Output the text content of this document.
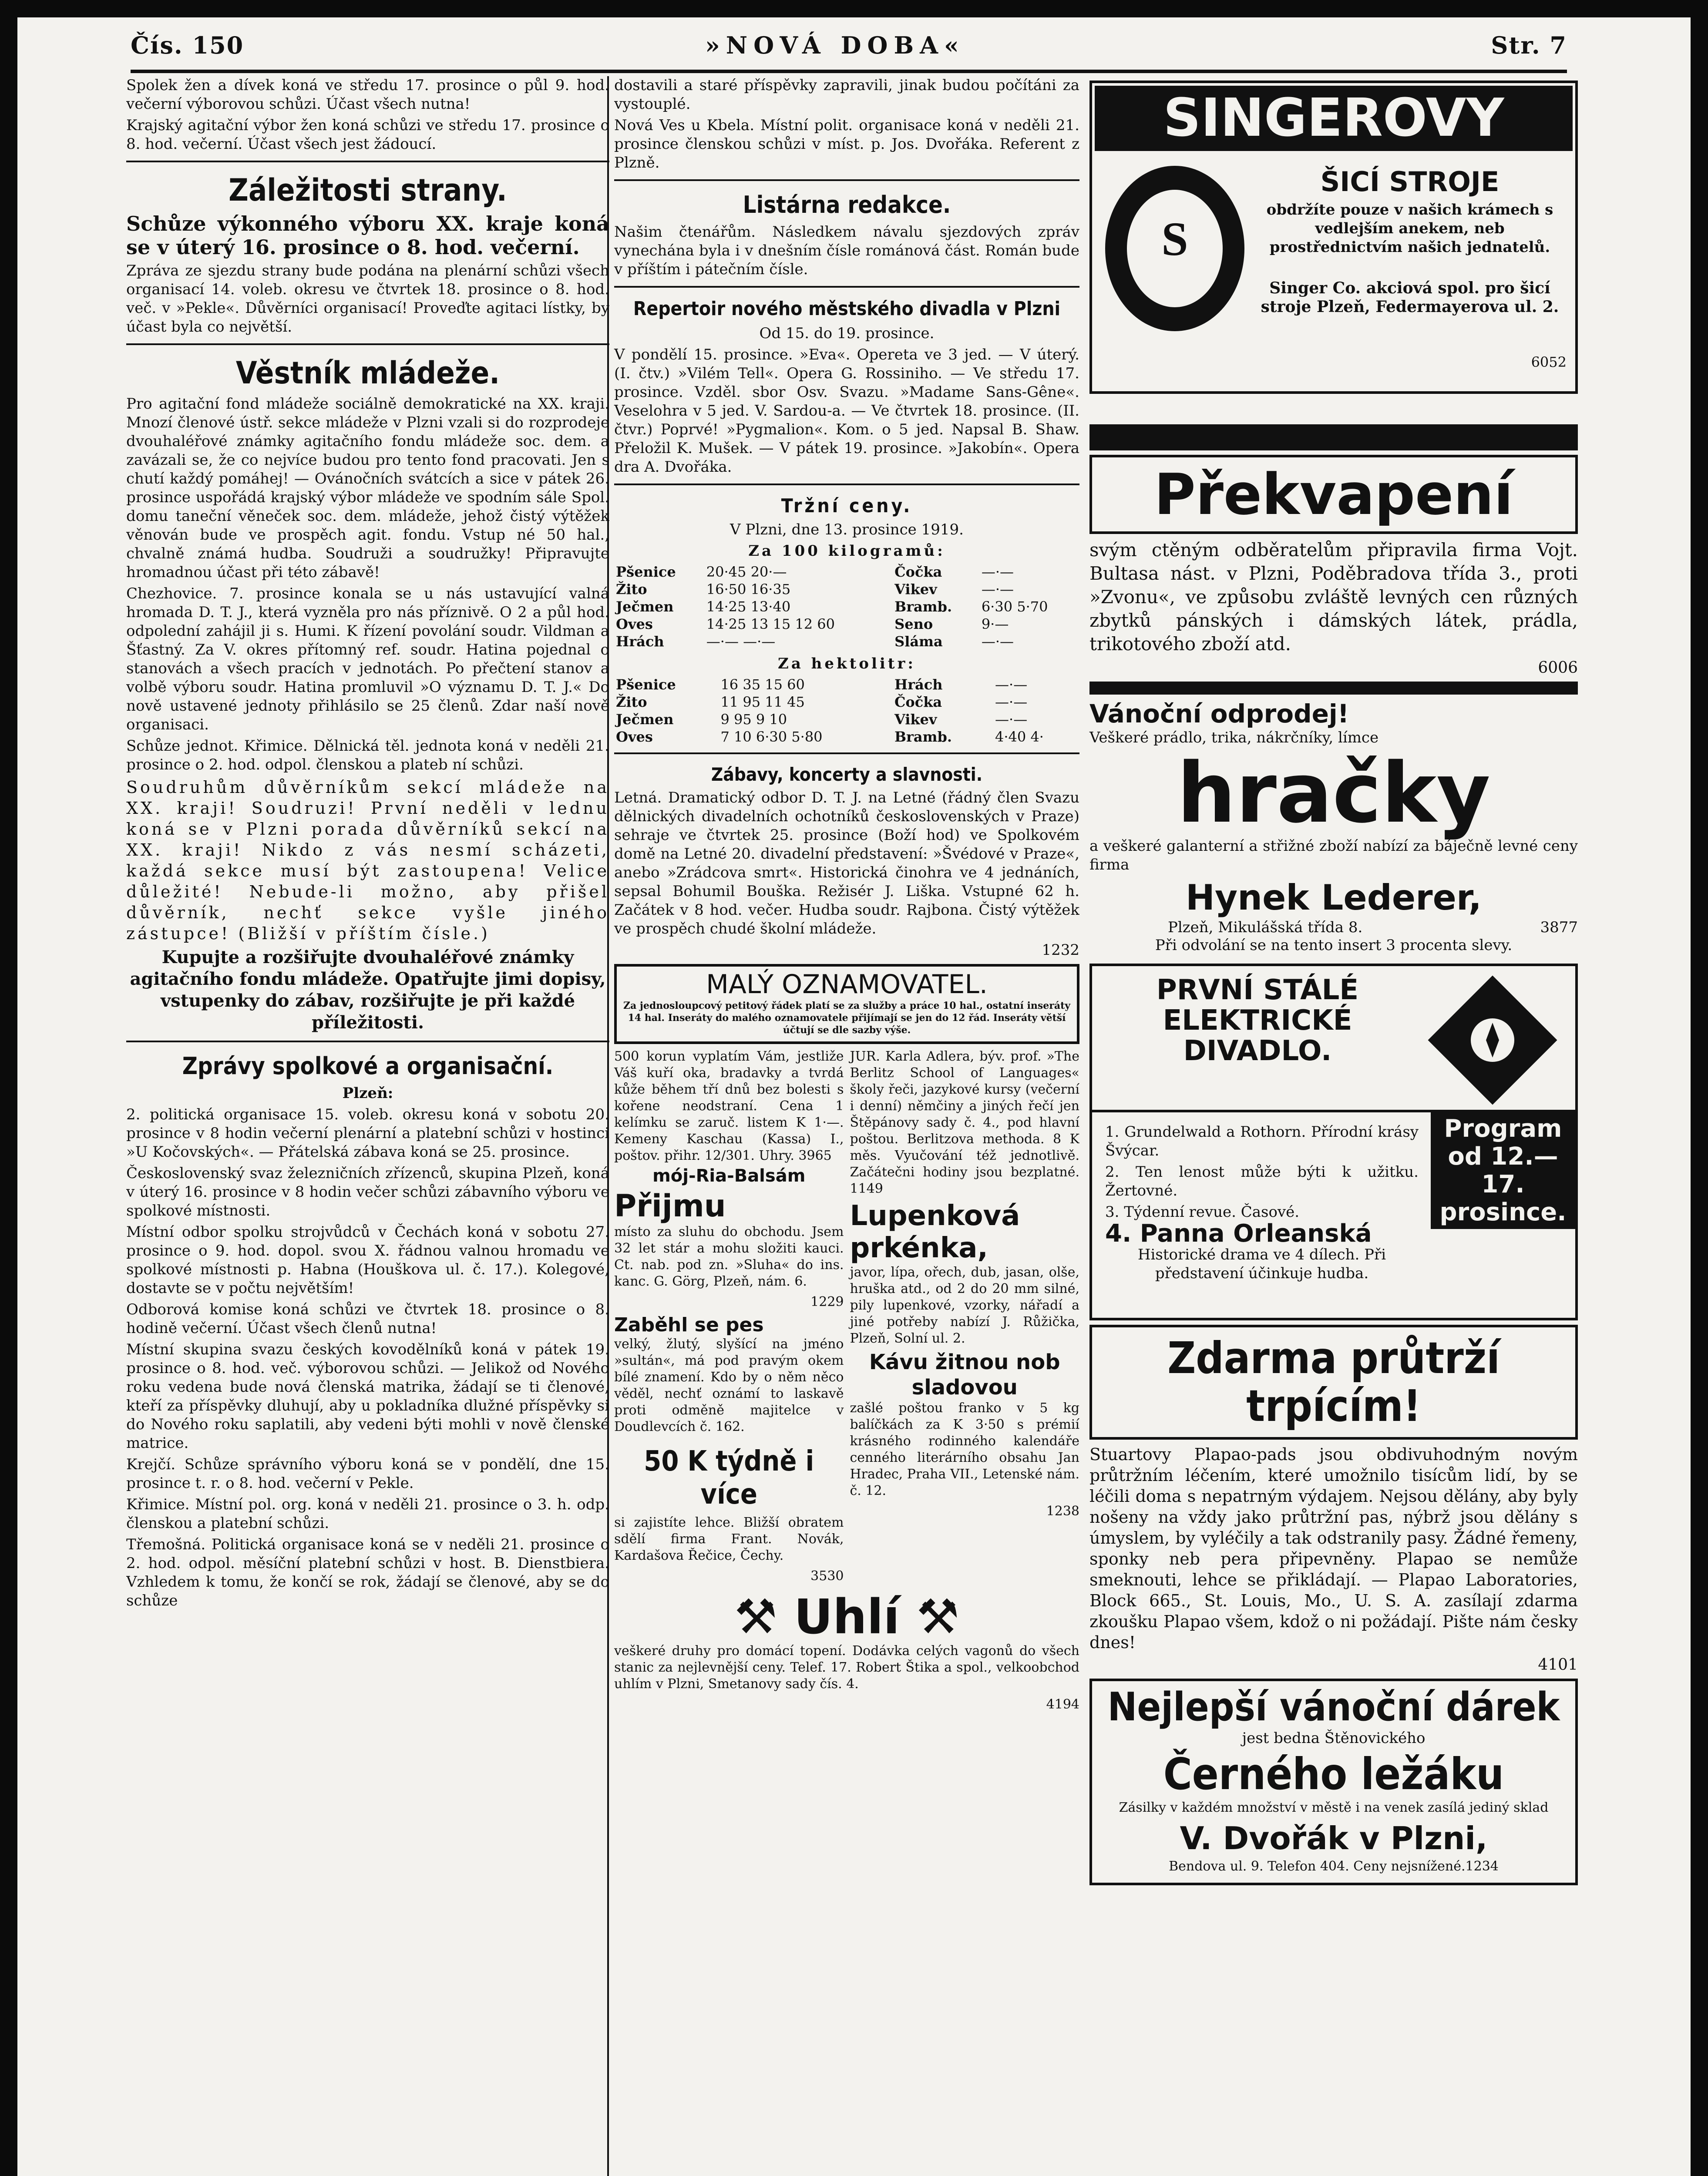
Čís. 150	»NOVÁ DOBA«	Str. 7

Spolek žen a dívek koná ve středu 17. prosince o půl 9. hod. večerní výborovou schůzi. Účast všech nutna!

Krajský agitační výbor žen koná schůzi ve středu 17. prosince o 8. hod. večerní. Účast všech jest žádoucí.

Záležitosti strany.

Schůze výkonného výboru XX. kraje koná se v úterý 16. prosince o 8. hod. večerní.

Zpráva ze sjezdu strany bude podána na plenární schůzi všech organisací 14. voleb. okresu ve čtvrtek 18. prosince o 8. hod. več. v »Pekle«. Důvěrníci organisací! Proveďte agitaci lístky, by účast byla co největší.

Věstník mládeže.

Pro agitační fond mládeže sociálně demokratické na XX. kraji. Mnozí členové ústř. sekce mládeže v Plzni vzali si do rozprodeje dvouhaléřové známky agitačního fondu mládeže soc. dem. a zavázali se, že co nejvíce budou pro tento fond pracovati. Jen s chutí každý pomáhej! — Ovánočních svátcích a sice v pátek 26. prosince uspořádá krajský výbor mládeže ve spodním sále Spol. domu taneční věneček soc. dem. mládeže, jehož čistý výtěžek věnován bude ve prospěch agit. fondu. Vstup né 50 hal., chvalně známá hudba. Soudruži a soudružky! Připravujte hromadnou účast při této zábavě!

Chezhovice. 7. prosince konala se u nás ustavující valná hromada D. T. J., která vyzněla pro nás příznivě. O 2 a půl hod. odpolední zahájil ji s. Humi. K řízení povolání soudr. Vildman a Šťastný. Za V. okres přítomný ref. soudr. Hatina pojednal o stanovách a všech pracích v jednotách. Po přečtení stanov a volbě výboru soudr. Hatina promluvil »O významu D. T. J.« Do nově ustavené jednoty přihlásilo se 25 členů. Zdar naší nově organisaci.

Schůze jednot. Křimice. Dělnická těl. jednota koná v neděli 21. prosince o 2. hod. odpol. členskou a plateb ní schůzi.

Soudruhům důvěrníkům sekcí mládeže na XX. kraji! Soudruzi! První neděli v lednu koná se v Plzni porada důvěrníků sekcí na XX. kraji! Nikdo z vás nesmí scházeti, každá sekce musí být zastoupena! Velice důležité! Nebude-li možno, aby přišel důvěrník, nechť sekce vyšle jiného zástupce! (Bližší v příštím čísle.)

Kupujte a rozšiřujte dvouhaléřové známky agitačního fondu mládeže. Opatřujte jimi dopisy, vstupenky do zábav, rozšiřujte je při každé příležitosti.

Zprávy spolkové a organisační.

Plzeň:

2. politická organisace 15. voleb. okresu koná v sobotu 20. prosince v 8 hodin večerní plenární a platební schůzi v hostinci »U Kočovských«. — Přátelská zábava koná se 25. prosince.

Československý svaz železničních zřízenců, skupina Plzeň, koná v úterý 16. prosince v 8 hodin večer schůzi zábavního výboru ve spolkové místnosti.

Místní odbor spolku strojvůdců v Čechách koná v sobotu 27. prosince o 9. hod. dopol. svou X. řádnou valnou hromadu ve spolkové místnosti p. Habna (Houškova ul. č. 17.). Kolegové, dostavte se v počtu největším!

Odborová komise koná schůzi ve čtvrtek 18. prosince o 8. hodině večerní. Účast všech členů nutna!

Místní skupina svazu českých kovodělníků koná v pátek 19. prosince o 8. hod. več. výborovou schůzi. — Jelikož od Nového roku vedena bude nová členská matrika, žádají se ti členové, kteří za příspěvky dluhují, aby u pokladníka dlužné příspěvky si do Nového roku saplatili, aby vedeni býti mohli v nově členské matrice.

Krejčí. Schůze správního výboru koná se v pondělí, dne 15. prosince t. r. o 8. hod. večerní v Pekle.

Křimice. Místní pol. org. koná v neděli 21. prosince o 3. h. odp. členskou a platební schůzi.

Třemošná. Politická organisace koná se v neděli 21. prosince o 2. hod. odpol. měsíční platební schůzi v host. B. Dienstbiera. Vzhledem k tomu, že končí se rok, žádají se členové, aby se do schůze

dostavili a staré příspěvky zapravili, jinak budou počítáni za vystouplé.

Nová Ves u Kbela. Místní polit. organisace koná v neděli 21. prosince členskou schůzi v míst. p. Jos. Dvořáka. Referent z Plzně.

Listárna redakce.

Našim čtenářům. Následkem návalu sjezdových zpráv vynechána byla i v dnešním čísle románová část. Román bude v příštím i pátečním čísle.

Repertoir nového městského divadla v Plzni

Od 15. do 19. prosince.

V pondělí 15. prosince. »Eva«. Opereta ve 3 jed. — V úterý. (I. čtv.) »Vilém Tell«. Opera G. Rossiniho. — Ve středu 17. prosince. Vzděl. sbor Osv. Svazu. »Madame Sans-Gêne«. Veselohra v 5 jed. V. Sardou-a. — Ve čtvrtek 18. prosince. (II. čtvr.) Poprvé! »Pygmalion«. Kom. o 5 jed. Napsal B. Shaw. Přeložil K. Mušek. — V pátek 19. prosince. »Jakobín«. Opera dra A. Dvořáka.

Tržní ceny.

V Plzni, dne 13. prosince 1919.

Za 100 kilogramů:

Pšenice	20·45 20·—	Čočka	—·—
Žito	16·50 16·35	Vikev	—·—
Ječmen	14·25 13·40	Bramb.	6·30 5·70
Oves	14·25 13 15 12 60	Seno	9·—
Hrách	—·— —·—	Sláma	—·—

Za hektolitr:

Pšenice	16 35 15 60	Hrách	—·—
Žito	11 95 11 45	Čočka	—·—
Ječmen	9 95 9 10	Vikev	—·—
Oves	7 10 6·30 5·80	Bramb.	4·40 4·
Zábavy, koncerty a slavnosti.

Letná. Dramatický odbor D. T. J. na Letné (řádný člen Svazu dělnických divadelních ochotníků československých v Praze) sehraje ve čtvrtek 25. prosince (Boží hod) ve Spolkovém domě na Letné 20. divadelní představení: »Švédové v Praze«, anebo »Zrádcova smrt«. Historická činohra ve 4 jednáních, sepsal Bohumil Bouška. Režisér J. Liška. Vstupné 62 h. Začátek v 8 hod. večer. Hudba soudr. Rajbona. Čistý výtěžek ve prospěch chudé školní mládeže.

1232

MALÝ OZNAMOVATEL.

Za jednosloupcový petitový řádek platí se za služby a práce 10 hal., ostatní inseráty 14 hal. Inseráty do malého oznamovatele přijímají se jen do 12 řád. Inseráty větší účtují se dle sazby výše.

500 korun vyplatím Vám, jestliže Váš kuří oka, bradavky a tvrdá kůže během tří dnů bez bolesti s kořene neodstraní. Cena 1 kelímku se zaruč. listem K 1·—. Kemeny Kaschau (Kassa) I., poštov. přihr. 12/301. Uhry. 3965

mój-Ria-Balsám

Přijmu

místo za sluhu do obchodu. Jsem 32 let stár a mohu složiti kauci. Ct. nab. pod zn. »Sluha« do ins. kanc. G. Görg, Plzeň, nám. 6.

1229

Zaběhl se pes

velký, žlutý, slyšící na jméno »sultán«, má pod pravým okem bílé znamení. Kdo by o něm něco věděl, nechť oznámí to laskavě proti odměně majitelce v Doudlevcích č. 162.

50 K týdně i více

si zajistíte lehce. Bližší obratem sdělí firma Frant. Novák, Kardašova Řečice, Čechy.

3530

JUR. Karla Adlera, býv. prof. »The Berlitz School of Languages« školy řeči, jazykové kursy (večerní i denní) němčiny a jiných řečí jen Štěpánovy sady č. 4., pod hlavní poštou. Berlitzova methoda. 8 K měs. Vyučování též jednotlivě. Začátečni hodiny jsou bezplatné. 1149

Lupenková prkénka,

javor, lípa, ořech, dub, jasan, olše, hruška atd., od 2 do 20 mm silné, pily lupenkové, vzorky, nářadí a jiné potřeby nabízí J. Růžička, Plzeň, Solní ul. 2.

Kávu žitnou nob sladovou

zašlé poštou franko v 5 kg balíčkách za K 3·50 s prémií krásného rodinného kalendáře cenného literárního obsahu Jan Hradec, Praha VII., Letenské nám. č. 12.

1238

⚒ Uhlí ⚒

veškeré druhy pro domácí topení. Dodávka celých vagonů do všech stanic za nejlevnější ceny. Telef. 17. Robert Štika a spol., velkoobchod uhlím v Plzni, Smetanovy sady čís. 4.

4194

SINGEROVY
S
ŠICÍ STROJE

obdržíte pouze v našich krámech s vedlejším anekem, neb prostřednictvím našich jednatelů.

Singer Co. akciová spol. pro šicí stroje Plzeň, Federmayerova ul. 2.

6052

Překvapení

svým ctěným odběratelům připravila firma Vojt. Bultasa nást. v Plzni, Poděbradova třída 3., proti »Zvonu«, ve způsobu zvláště levných cen různých zbytků pánských i dámských látek, prádla, trikotového zboží atd.

6006

Vánoční odprodej!

Veškeré prádlo, trika, nákrčníky, límce

hračky

a veškeré galanterní a střižné zboží nabízí za báječně levné ceny firma

Hynek Lederer,
Plzeň, Mikulášská třída 8.	3877

Při odvolání se na tento insert 3 procenta slevy.

PRVNÍ STÁLÉ ELEKTRICKÉ DIVADLO.
Program od 12.—17. prosince.

1. Grundelwald a Rothorn. Přírodní krásy Švýcar.

2. Ten lenost může býti k užitku. Žertovné.

3. Týdenní revue. Časové.

4. Panna Orleanská

Historické drama ve 4 dílech. Při představení účinkuje hudba.

Zdarma průtrží trpícím!

Stuartovy Plapao-pads jsou obdivuhodným novým průtržním léčením, které umožnilo tisícům lidí, by se léčili doma s nepatrným výdajem. Nejsou dělány, aby byly nošeny na vždy jako průtržní pas, nýbrž jsou dělány s úmyslem, by vyléčily a tak odstranily pasy. Žádné řemeny, sponky neb pera připevněny. Plapao se nemůže smeknouti, lehce se přikládají. — Plapao Laboratories, Block 665., St. Louis, Mo., U. S. A. zasílají zdarma zkoušku Plapao všem, kdož o ni požádají. Pište nám česky dnes!

4101

Nejlepší vánoční dárek

jest bedna Štěnovického

Černého ležáku

Zásilky v každém množství v městě i na venek zasílá jediný sklad

V. Dvořák v Plzni,

Bendova ul. 9. Telefon 404. Ceny nejsnížené.1234
